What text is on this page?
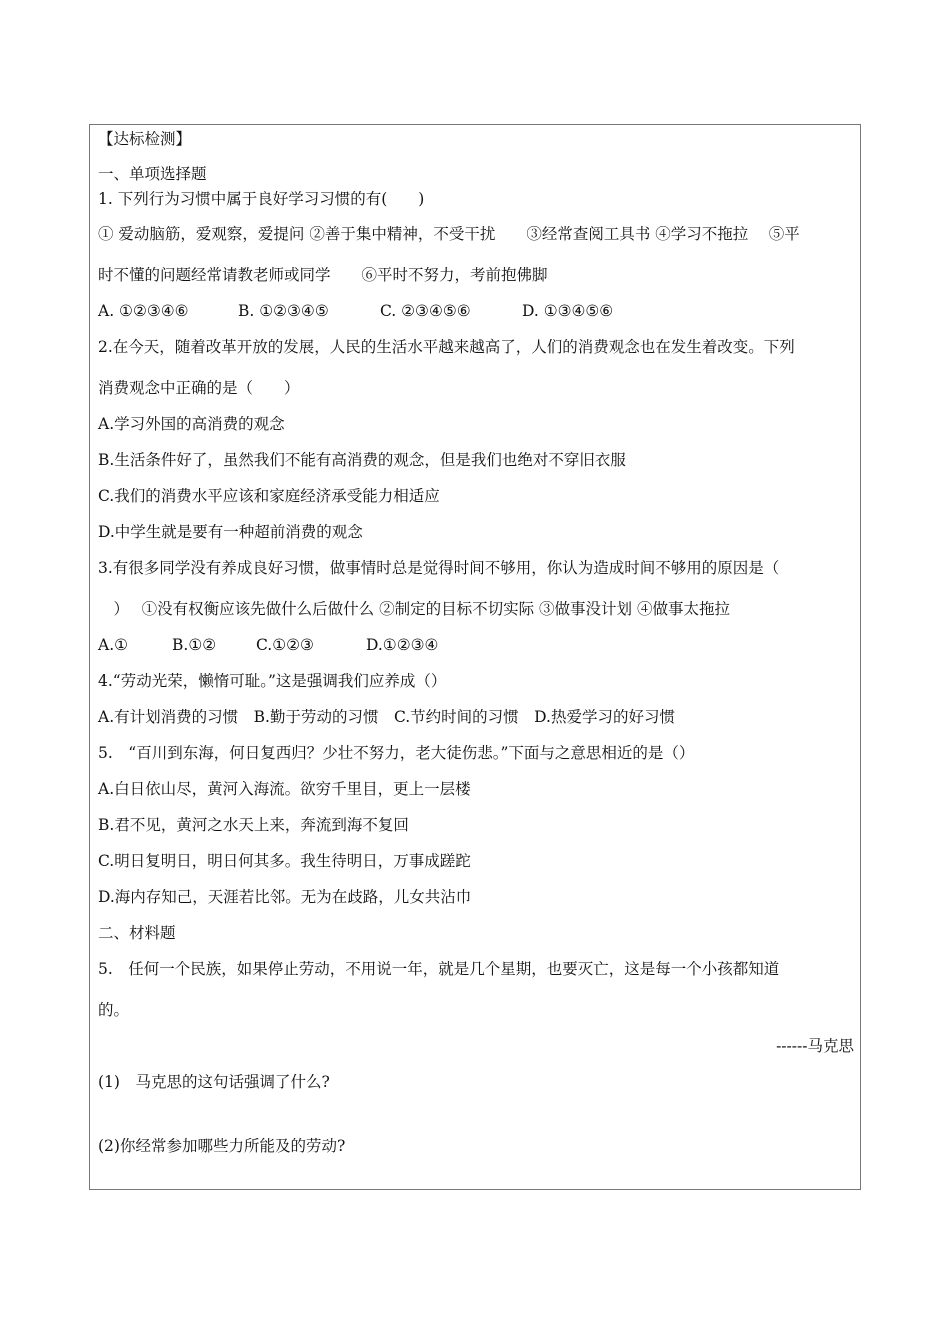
【达标检测】

一、单项选择题

1. 下列行为习惯中属于良好学习习惯的有(　　)

① 爱动脑筋，爱观察，爱提问 ②善于集中精神，不受干扰　　③经常查阅工具书 ④学习不拖拉　 ⑤平

时不懂的问题经常请教老师或同学　　⑥平时不努力，考前抱佛脚

A. ①②③④⑥	B. ①②③④⑤	C. ②③④⑤⑥	D. ①③④⑤⑥

2.在今天，随着改革开放的发展，人民的生活水平越来越高了，人们的消费观念也在发生着改变。下列

消费观念中正确的是（　　）

A.学习外国的高消费的观念

B.生活条件好了，虽然我们不能有高消费的观念，但是我们也绝对不穿旧衣服

C.我们的消费水平应该和家庭经济承受能力相适应

D.中学生就是要有一种超前消费的观念

3.有很多同学没有养成良好习惯，做事情时总是觉得时间不够用，你认为造成时间不够用的原因是（

　）　 ①没有权衡应该先做什么后做什么 ②制定的目标不切实际 ③做事没计划 ④做事太拖拉

A.①	B.①②	C.①②③	D.①②③④

4.“劳动光荣，懒惰可耻。”这是强调我们应养成（）

A.有计划消费的习惯　B.勤于劳动的习惯　C.节约时间的习惯　D.热爱学习的好习惯

5.　“百川到东海，何日复西归？少壮不努力，老大徒伤悲。”下面与之意思相近的是（）

A.白日依山尽，黄河入海流。欲穷千里目，更上一层楼

B.君不见，黄河之水天上来，奔流到海不复回

C.明日复明日，明日何其多。我生待明日，万事成蹉跎

D.海内存知己，天涯若比邻。无为在歧路，儿女共沾巾

二、材料题

5.　任何一个民族，如果停止劳动，不用说一年，就是几个星期，也要灭亡，这是每一个小孩都知道

的。

------马克思

(1)　马克思的这句话强调了什么?

(2)你经常参加哪些力所能及的劳动?
